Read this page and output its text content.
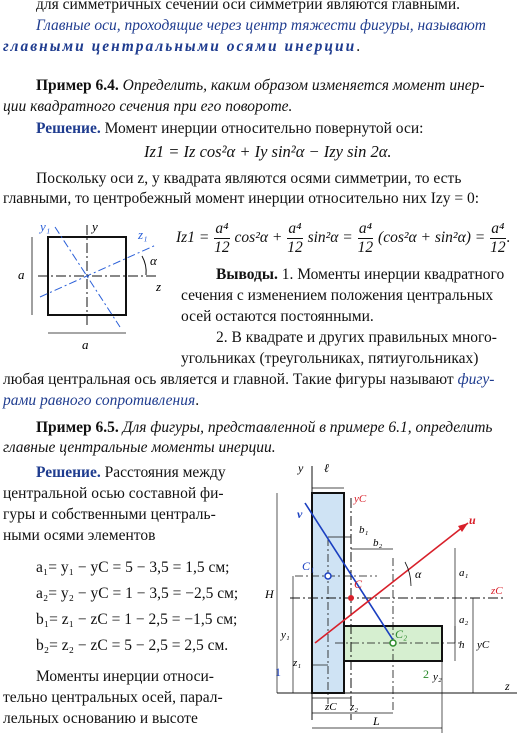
для симметричных сечений оси симметрии являются главными.
Главные оси, проходящие через центр тяжести фигуры, называют
главными центральными осями инерции.
Пример 6.4. Определить, каким образом изменяется момент инер-
ции квадратного сечения при его повороте.
Решение. Момент инерции относительно повернутой оси:
Iz1 = Iz cos²α + Iy sin²α − Izy sin 2α.
Поскольку оси z, y квадрата являются осями симметрии, то есть
главными, то центробежный момент инерции относительно них Izy = 0:
y₁	y
z₁
α
z
a
a
$Iz1 = \frac{\text{a⁴}}{12} \cos^2\alpha + \frac{\text{a⁴}}{12} \sin^2\alpha = \frac{\text{a⁴}}{12} (\cos^2\alpha + \sin^2\alpha) = \frac{\text{a⁴}}{12}$ .
Выводы. 1. Моменты инерции квадратного
сечения с изменением положения центральных
осей остаются постоянными.
2. В квадрате и других правильных много-
угольниках (треугольниках, пятиугольниках)
любая центральная ось является и главной. Такие фигуры называют фигу-
рами равного сопротивления.
Пример 6.5. Для фигуры, представленной в примере 6.1, определить
главные центральные моменты инерции.
Решение. Расстояния между
центральной осью составной фи-
гуры и собственными централь-
ными осями элементов
a₁= y₁ − yC = 5 − 3,5 = 1,5 см;
a₂= y₂ − yC = 1 − 3,5 = −2,5 см;
b₁= z₁ − zC = 1 − 2,5 = −1,5 см;
b₂= z₂ − zC = 5 − 2,5 = 2,5 см.
Моменты инерции относи-
тельно центральных осей, парал-
лельных основанию и высоте
y ℓ
yC
v	u
b₁
b₂
C₁
C
C₂
α	a₁
a₂
zC
z
H
y₁
h yC
y₂
z₁
1	2
zC z₂
L
